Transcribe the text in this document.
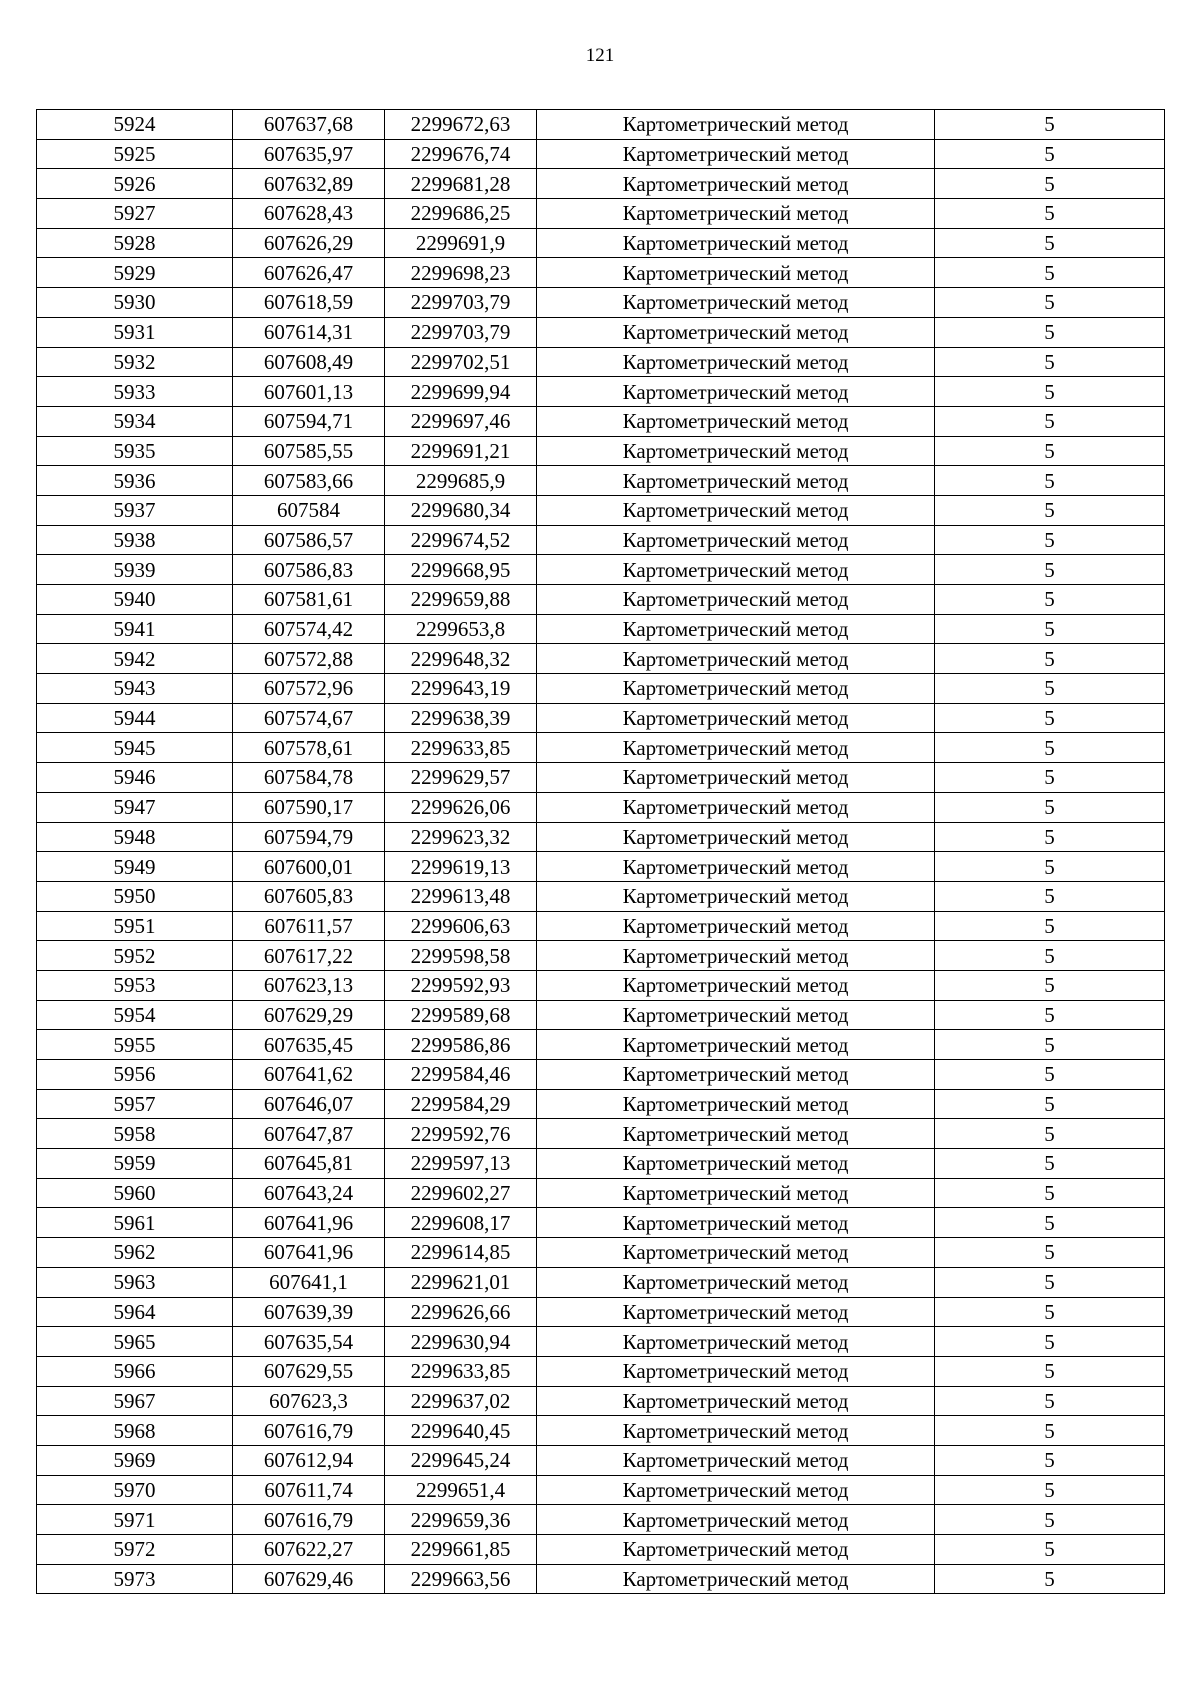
121
5924	607637,68	2299672,63	Картометрический метод	5
5925	607635,97	2299676,74	Картометрический метод	5
5926	607632,89	2299681,28	Картометрический метод	5
5927	607628,43	2299686,25	Картометрический метод	5
5928	607626,29	2299691,9	Картометрический метод	5
5929	607626,47	2299698,23	Картометрический метод	5
5930	607618,59	2299703,79	Картометрический метод	5
5931	607614,31	2299703,79	Картометрический метод	5
5932	607608,49	2299702,51	Картометрический метод	5
5933	607601,13	2299699,94	Картометрический метод	5
5934	607594,71	2299697,46	Картометрический метод	5
5935	607585,55	2299691,21	Картометрический метод	5
5936	607583,66	2299685,9	Картометрический метод	5
5937	607584	2299680,34	Картометрический метод	5
5938	607586,57	2299674,52	Картометрический метод	5
5939	607586,83	2299668,95	Картометрический метод	5
5940	607581,61	2299659,88	Картометрический метод	5
5941	607574,42	2299653,8	Картометрический метод	5
5942	607572,88	2299648,32	Картометрический метод	5
5943	607572,96	2299643,19	Картометрический метод	5
5944	607574,67	2299638,39	Картометрический метод	5
5945	607578,61	2299633,85	Картометрический метод	5
5946	607584,78	2299629,57	Картометрический метод	5
5947	607590,17	2299626,06	Картометрический метод	5
5948	607594,79	2299623,32	Картометрический метод	5
5949	607600,01	2299619,13	Картометрический метод	5
5950	607605,83	2299613,48	Картометрический метод	5
5951	607611,57	2299606,63	Картометрический метод	5
5952	607617,22	2299598,58	Картометрический метод	5
5953	607623,13	2299592,93	Картометрический метод	5
5954	607629,29	2299589,68	Картометрический метод	5
5955	607635,45	2299586,86	Картометрический метод	5
5956	607641,62	2299584,46	Картометрический метод	5
5957	607646,07	2299584,29	Картометрический метод	5
5958	607647,87	2299592,76	Картометрический метод	5
5959	607645,81	2299597,13	Картометрический метод	5
5960	607643,24	2299602,27	Картометрический метод	5
5961	607641,96	2299608,17	Картометрический метод	5
5962	607641,96	2299614,85	Картометрический метод	5
5963	607641,1	2299621,01	Картометрический метод	5
5964	607639,39	2299626,66	Картометрический метод	5
5965	607635,54	2299630,94	Картометрический метод	5
5966	607629,55	2299633,85	Картометрический метод	5
5967	607623,3	2299637,02	Картометрический метод	5
5968	607616,79	2299640,45	Картометрический метод	5
5969	607612,94	2299645,24	Картометрический метод	5
5970	607611,74	2299651,4	Картометрический метод	5
5971	607616,79	2299659,36	Картометрический метод	5
5972	607622,27	2299661,85	Картометрический метод	5
5973	607629,46	2299663,56	Картометрический метод	5
